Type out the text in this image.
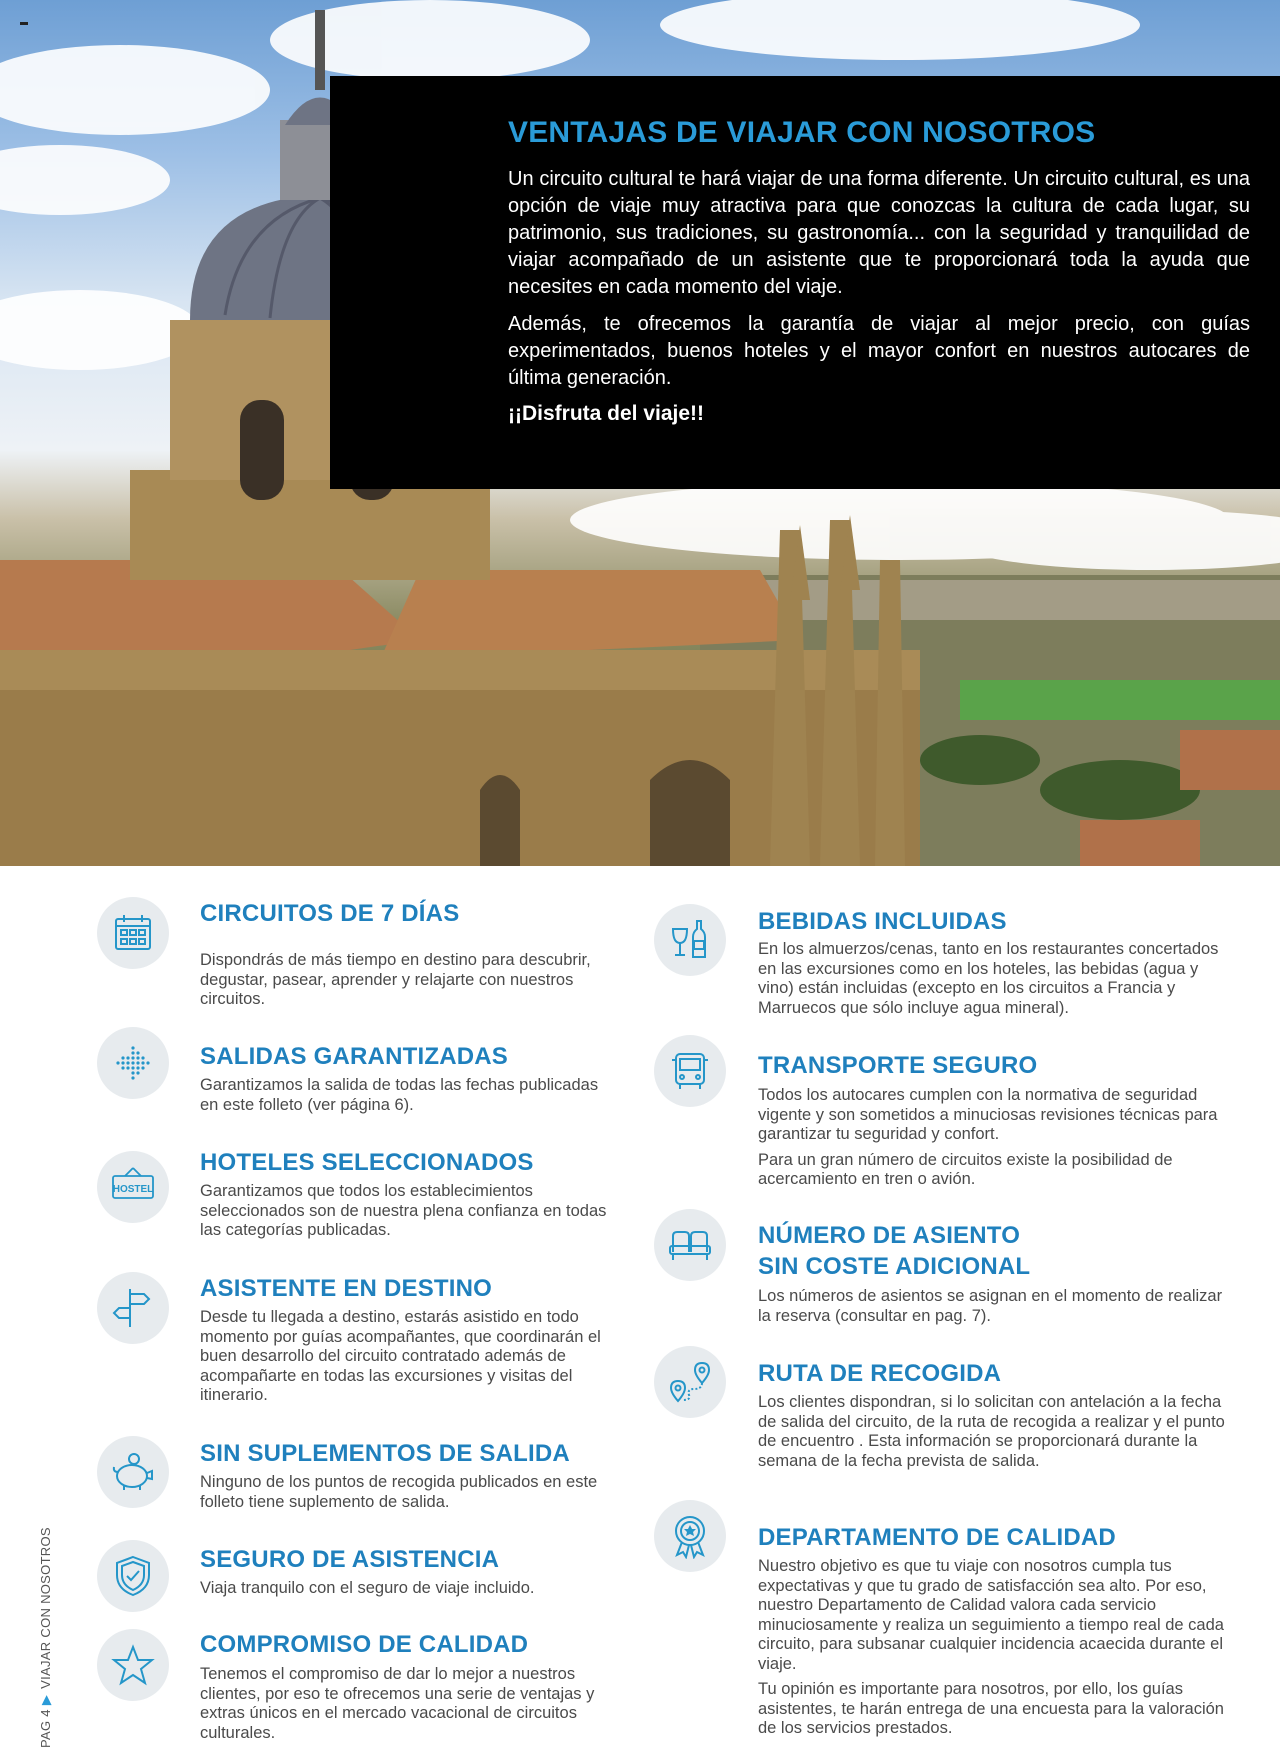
VENTAJAS DE VIAJAR CON NOSOTROS

Un circuito cultural te hará viajar de una forma diferente. Un circuito cultural, es una opción de viaje muy atractiva para que conozcas la cultura de cada lugar, su patrimonio, sus tradiciones, su gastronomía... con la seguridad y tranquilidad de viajar acompañado de un asistente que te proporcionará toda la ayuda que necesites en cada momento del viaje.

Además, te ofrecemos la garantía de viajar al mejor precio, con guías experimentados, buenos hoteles y el mayor confort en nuestros autocares de última generación.

¡¡Disfruta del viaje!!
CIRCUITOS DE 7 DÍAS

Dispondrás de más tiempo en destino para descubrir, degustar, pasear, aprender y relajarte con nuestros circuitos.

SALIDAS GARANTIZADAS

Garantizamos la salida de todas las fechas publicadas en este folleto (ver página 6).

HOSTEL
HOTELES SELECCIONADOS

Garantizamos que todos los establecimientos seleccionados son de nuestra plena confianza en todas las categorías publicadas.

ASISTENTE EN DESTINO

Desde tu llegada a destino, estarás asistido en todo momento por guías acompañantes, que coordinarán el buen desarrollo del circuito contratado además de acompañarte en todas las excursiones y visitas del itinerario.

SIN SUPLEMENTOS DE SALIDA

Ninguno de los puntos de recogida publicados en este folleto tiene suplemento de salida.

SEGURO DE ASISTENCIA

Viaja tranquilo con el seguro de viaje incluido.

COMPROMISO DE CALIDAD

Tenemos el compromiso de dar lo mejor a nuestros clientes, por eso te ofrecemos una serie de ventajas y extras únicos en el mercado vacacional de circuitos culturales.

BEBIDAS INCLUIDAS

En los almuerzos/cenas, tanto en los restaurantes concertados en las excursiones como en los hoteles, las bebidas (agua y vino) están incluidas (excepto en los circuitos a Francia y Marruecos que sólo incluye agua mineral).

TRANSPORTE SEGURO

Todos los autocares cumplen con la normativa de seguridad vigente y son sometidos a minuciosas revisiones técnicas para garantizar tu seguridad y confort.

Para un gran número de circuitos existe la posibilidad de acercamiento en tren o avión.

NÚMERO DE ASIENTO
SIN COSTE ADICIONAL

Los números de asientos se asignan en el momento de realizar la reserva (consultar en pag. 7).

RUTA DE RECOGIDA

Los clientes dispondran, si lo solicitan con antelación a la fecha de salida del circuito, de la ruta de recogida a realizar y el punto de encuentro . Esta información se proporcionará durante la semana de la fecha prevista de salida.

DEPARTAMENTO DE CALIDAD

Nuestro objetivo es que tu viaje con nosotros cumpla tus expectativas y que tu grado de satisfacción sea alto. Por eso, nuestro Departamento de Calidad valora cada servicio minuciosamente y realiza un seguimiento a tiempo real de cada circuito, para subsanar cualquier incidencia acaecida durante el viaje.

Tu opinión es importante para nosotros, por ello, los guías asistentes, te harán entrega de una encuesta para la valoración de los servicios prestados.

PAG 4▶VIAJAR CON NOSOTROS
